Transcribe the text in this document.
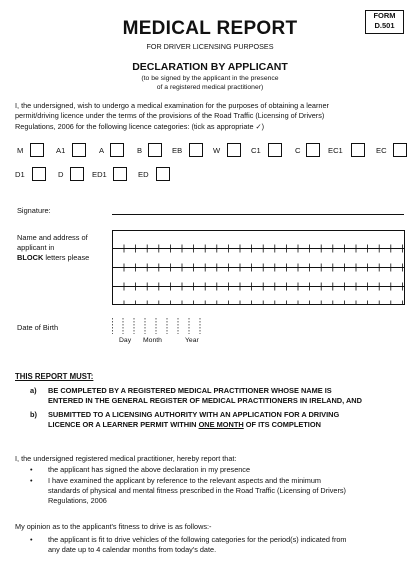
MEDICAL REPORT
FOR DRIVER LICENSING PURPOSES
FORM
D.501
DECLARATION BY APPLICANT
(to be signed by the applicant in the presence
of a registered medical practitioner)
I, the undersigned, wish to undergo a medical examination for the purposes of obtaining a learner
permit/driving licence under the terms of the provisions of the Road Traffic (Licensing of Drivers)
Regulations, 2006 for the following licence categories: (tick as appropriate ✓)
M	A1	A	B	EB	W	C1	C	EC1	EC
D1	D	ED1	ED
Signature:
Name and address of
applicant in
BLOCK letters please
Date of Birth
Day Month	Year
THIS REPORT MUST:
a) BE COMPLETED BY A REGISTERED MEDICAL PRACTITIONER WHOSE NAME IS
ENTERED IN THE GENERAL REGISTER OF MEDICAL PRACTITIONERS IN IRELAND, AND
b) SUBMITTED TO A LICENSING AUTHORITY WITH AN APPLICATION FOR A DRIVING
LICENCE OR A LEARNER PERMIT WITHIN ONE MONTH OF ITS COMPLETION
I, the undersigned registered medical practitioner, hereby report that:
• the applicant has signed the above declaration in my presence
• I have examined the applicant by reference to the relevant aspects and the minimum
standards of physical and mental fitness prescribed in the Road Traffic (Licensing of Drivers)
Regulations, 2006
My opinion as to the applicant's fitness to drive is as follows:-
• the applicant is fit to drive vehicles of the following categories for the period(s) indicated from
any date up to 4 calendar months from today's date.
